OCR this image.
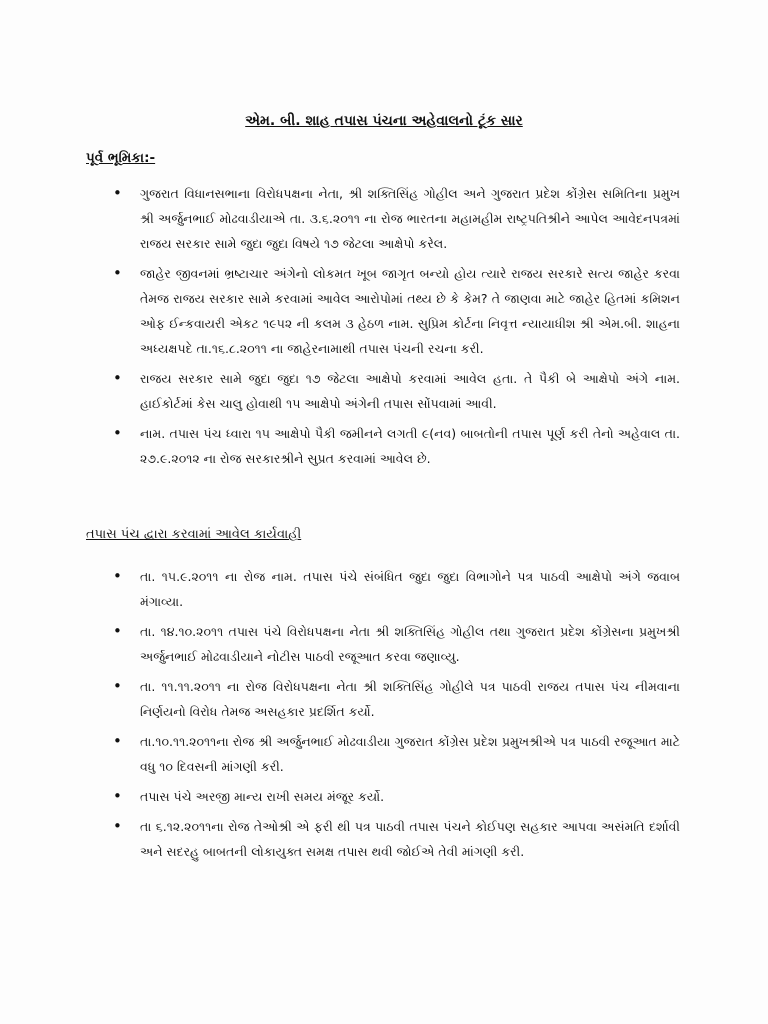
એમ. બી. શાહ તપાસ પંચના અહેવાલનો ટૂંક સાર
પૂર્વ ભૂમિકા:-
• ગુજરાત વિધાનસભાના વિરોધપક્ષના નેતા, શ્રી શક્તિસિંહ ગોહીલ અને ગુજરાત પ્રદેશ કોંગ્રેસ સમિતિના પ્રમુખ શ્રી અર્જુનભાઈ મોઢવાડીયાએ તા. ૩.૬.૨૦૧૧ ના રોજ ભારતના મહામહીમ રાષ્ટ્રપતિશ્રીને આપેલ આવેદનપત્રમાં રાજય સરકાર સામે જુદા જુદા વિષયે ૧૭ જેટલા આક્ષેપો કરેલ.
• જાહેર જીવનમાં ભ્રષ્ટાચાર અંગેનો લોકમત ખૂબ જાગૃત બન્યો હોય ત્યારે રાજય સરકારે સત્ય જાહેર કરવા તેમજ રાજય સરકાર સામે કરવામાં આવેલ આરોપોમાં તથ્ય છે કે કેમ? તે જાણવા માટે જાહેર હિતમાં કમિશન ઓફ ઈન્કવાયરી એકટ ૧૯૫૨ ની કલમ ૩ હેઠળ નામ. સુપ્રિમ કોર્ટના નિવૃત્ત ન્યાયાધીશ શ્રી એમ.બી. શાહના અધ્યક્ષપદે તા.૧૬.૮.૨૦૧૧ ના જાહેરનામાથી તપાસ પંચની રચના કરી.
• રાજય સરકાર સામે જુદા જુદા ૧૭ જેટલા આક્ષેપો કરવામાં આવેલ હતા. તે પૈકી બે આક્ષેપો અંગે નામ. હાઈકોર્ટમાં કેસ ચાલુ હોવાથી ૧૫ આક્ષેપો અંગેની તપાસ સોંપવામાં આવી.
• નામ. તપાસ પંચ ધ્વારા ૧૫ આક્ષેપો પૈકી જમીનને લગતી ૯(નવ) બાબતોની તપાસ પૂર્ણ કરી તેનો અહેવાલ તા. ૨૭.૯.૨૦૧૨ ના રોજ સરકારશ્રીને સુપ્રત કરવામાં આવેલ છે.
તપાસ પંચ દ્વારા કરવામાં આવેલ કાર્યવાહી
• તા. ૧૫.૯.૨૦૧૧ ના રોજ નામ. તપાસ પંચે સંબંધિત જુદા જુદા વિભાગોને પત્ર પાઠવી આક્ષેપો અંગે જવાબ મંગાવ્યા.
• તા. ૧૪.૧૦.૨૦૧૧ તપાસ પંચે વિરોધપક્ષના નેતા શ્રી શક્તિસિંહ ગોહીલ તથા ગુજરાત પ્રદેશ કોંગ્રેસના પ્રમુખશ્રી અર્જુનભાઈ મોઢવાડીયાને નોટીસ પાઠવી રજૂઆત કરવા જણાવ્યુ.
• તા. ૧૧.૧૧.૨૦૧૧ ના રોજ વિરોધપક્ષના નેતા શ્રી શક્તિસિંહ ગોહીલે પત્ર પાઠવી રાજય તપાસ પંચ નીમવાના નિર્ણયનો વિરોધ તેમજ અસહકાર પ્રદર્શિત કર્યો.
• તા.૧૦.૧૧.૨૦૧૧ના રોજ શ્રી અર્જુનભાઈ મોઢવાડીયા ગુજરાત કોંગ્રેસ પ્રદેશ પ્રમુખશ્રીએ પત્ર પાઠવી રજૂઆત માટે વધુ ૧૦ દિવસની માંગણી કરી.
• તપાસ પંચે અરજી માન્ય રાખી સમય મંજૂર કર્યો.
• તા ૬.૧૨.૨૦૧૧ના રોજ તેઓશ્રી એ ફરી થી પત્ર પાઠવી તપાસ પંચને કોઈપણ સહકાર આપવા અસંમતિ દર્શાવી અને સદરહુ બાબતની લોકાયુક્ત સમક્ષ તપાસ થવી જોઈએ તેવી માંગણી કરી.
